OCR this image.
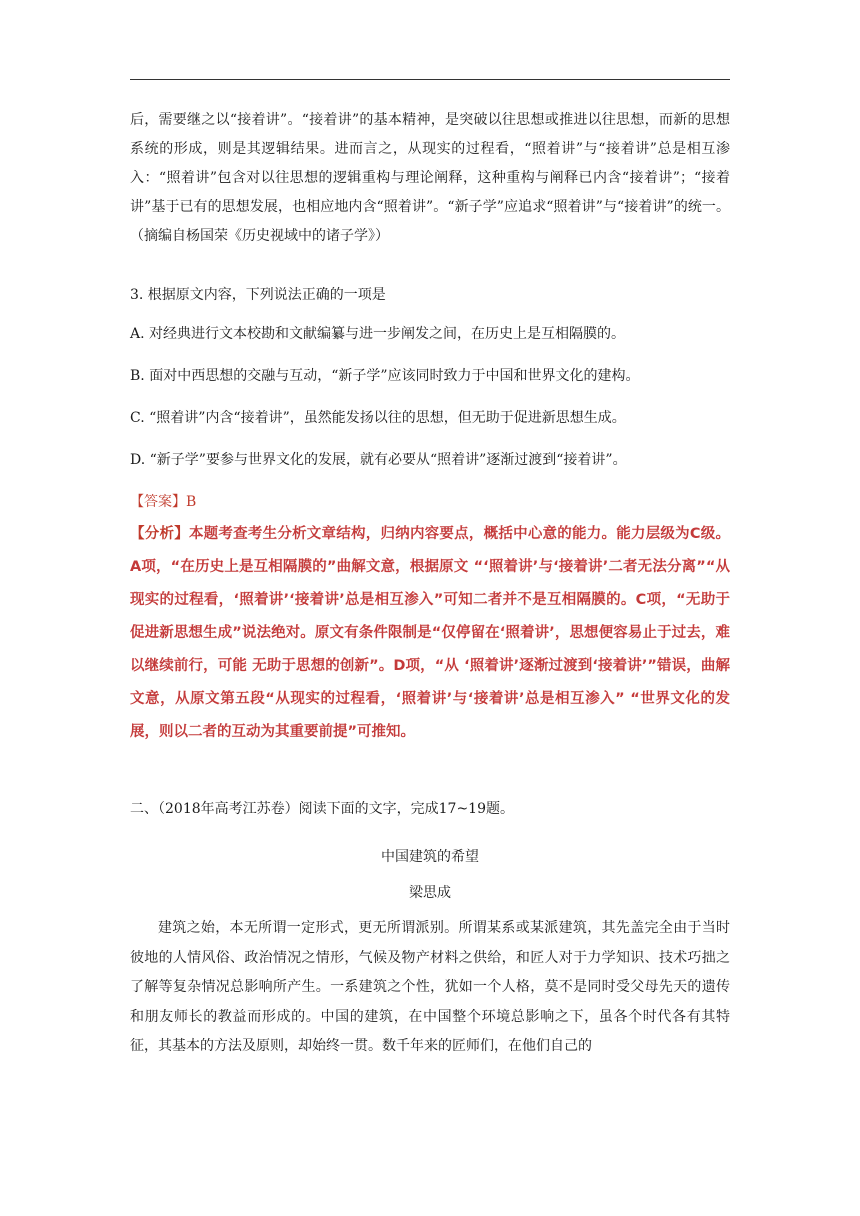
后，需要继之以“接着讲”。“接着讲”的基本精神，是突破以往思想或推进以往思想，而新的思想系统的形成，则是其逻辑结果。进而言之，从现实的过程看，“照着讲”与“接着讲”总是相互渗入：“照着讲”包含对以往思想的逻辑重构与理论阐释，这种重构与阐释已内含“接着讲”；“接着讲”基于已有的思想发展，也相应地内含“照着讲”。“新子学”应追求“照着讲”与“接着讲”的统一。（摘编自杨国荣《历史视域中的诸子学》）

3. 根据原文内容，下列说法正确的一项是

A. 对经典进行文本校勘和文献编纂与进一步阐发之间，在历史上是互相隔膜的。

B. 面对中西思想的交融与互动，“新子学”应该同时致力于中国和世界文化的建构。

C. “照着讲”内含“接着讲”，虽然能发扬以往的思想，但无助于促进新思想生成。

D. “新子学”要参与世界文化的发展，就有必要从“照着讲”逐渐过渡到“接着讲”。

【答案】B

【分析】本题考查考生分析文章结构，归纳内容要点，概括中心意的能力。能力层级为C级。A项，“在历史上是互相隔膜的”曲解文意，根据原文 “‘照着讲’与‘接着讲’二者无法分离”“从现实的过程看，‘照着讲’‘接着讲’总是相互渗入”可知二者并不是互相隔膜的。C项，“无助于促进新思想生成”说法绝对。原文有条件限制是“仅停留在‘照着讲’，思想便容易止于过去，难以继续前行，可能 无助于思想的创新”。D项，“从 ‘照着讲’逐渐过渡到‘接着讲’”错误，曲解文意，从原文第五段“从现实的过程看，‘照着讲’与‘接着讲’总是相互渗入” “世界文化的发展，则以二者的互动为其重要前提”可推知。

二、（2018年高考江苏卷）阅读下面的文字，完成17~19题。

中国建筑的希望
梁思成

建筑之始，本无所谓一定形式，更无所谓派别。所谓某系或某派建筑，其先盖完全由于当时彼地的人情风俗、政治情况之情形，气候及物产材料之供给，和匠人对于力学知识、技术巧拙之了解等复杂情况总影响所产生。一系建筑之个性，犹如一个人格，莫不是同时受父母先天的遗传和朋友师长的教益而形成的。中国的建筑，在中国整个环境总影响之下，虽各个时代各有其特征，其基本的方法及原则，却始终一贯。数千年来的匠师们，在他们自己的
